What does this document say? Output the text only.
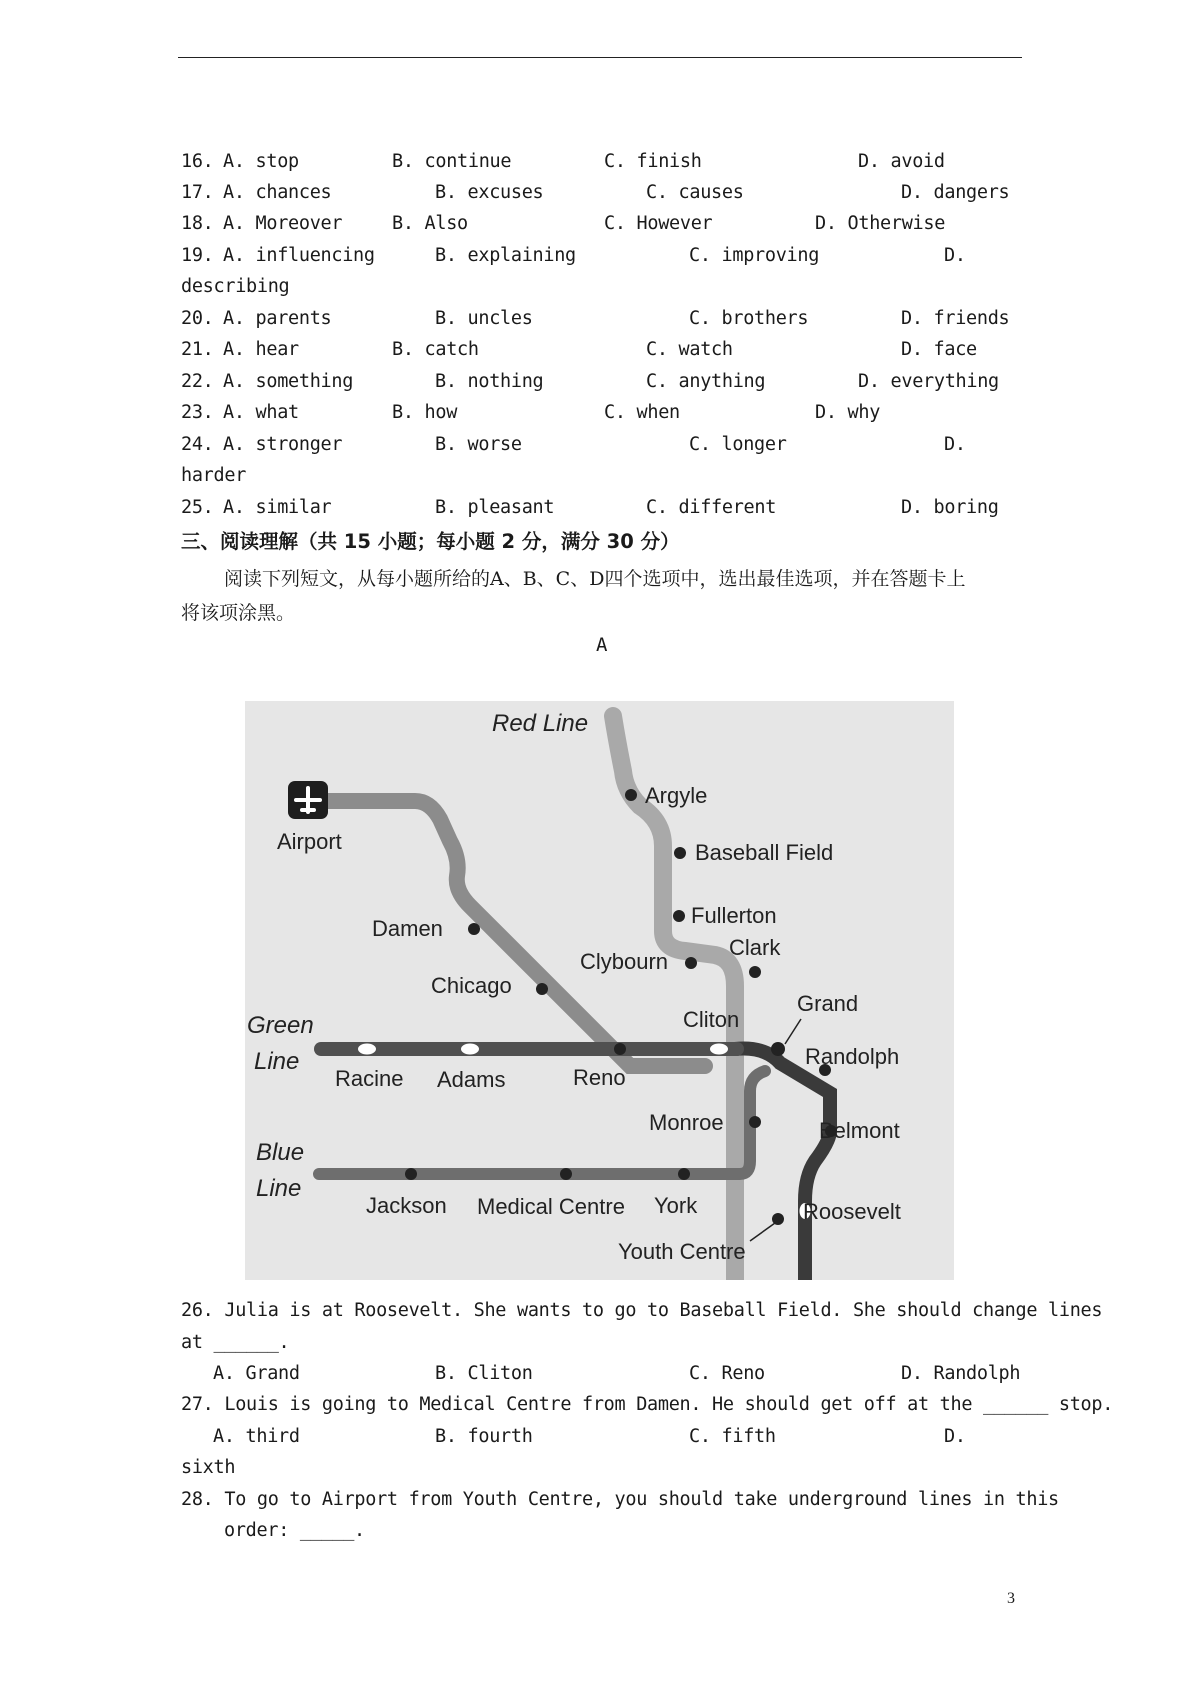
16. A. stop	B. continue	C. finish	D. avoid
17. A. chances	B. excuses	C. causes	D. dangers
18. A. Moreover	B. Also	C. However	D. Otherwise
19. A. influencing	B. explaining	C. improving	D.
describing
20. A. parents	B. uncles	C. brothers	D. friends
21. A. hear	B. catch	C. watch	D. face
22. A. something	B. nothing	C. anything	D. everything
23. A. what	B. how	C. when	D. why
24. A. stronger	B. worse	C. longer	D.
harder
25. A. similar	B. pleasant	C. different	D. boring
三、阅读理解（共 15 小题；每小题 2 分，满分 30 分）
阅读下列短文，从每小题所给的A、B、C、D四个选项中，选出最佳选项，并在答题卡上
将该项涂黑。
A
Red Line
Airport
Argyle
Baseball Field
Fullerton
Clybourn
Clark
Damen
Chicago
Grand
Cliton
Randolph
Green
Line
Racine Adams	Reno
Monroe	Belmont
Blue
Line
Jackson Medical Centre York	Roosevelt
Youth Centre
26. Julia is at Roosevelt. She wants to go to Baseball Field. She should change lines
at ______.
A. Grand	B. Cliton	C. Reno	D. Randolph
27. Louis is going to Medical Centre from Damen. He should get off at the ______ stop.
A. third	B. fourth	C. fifth	D.
sixth
28. To go to Airport from Youth Centre, you should take underground lines in this
order: _____.
3
